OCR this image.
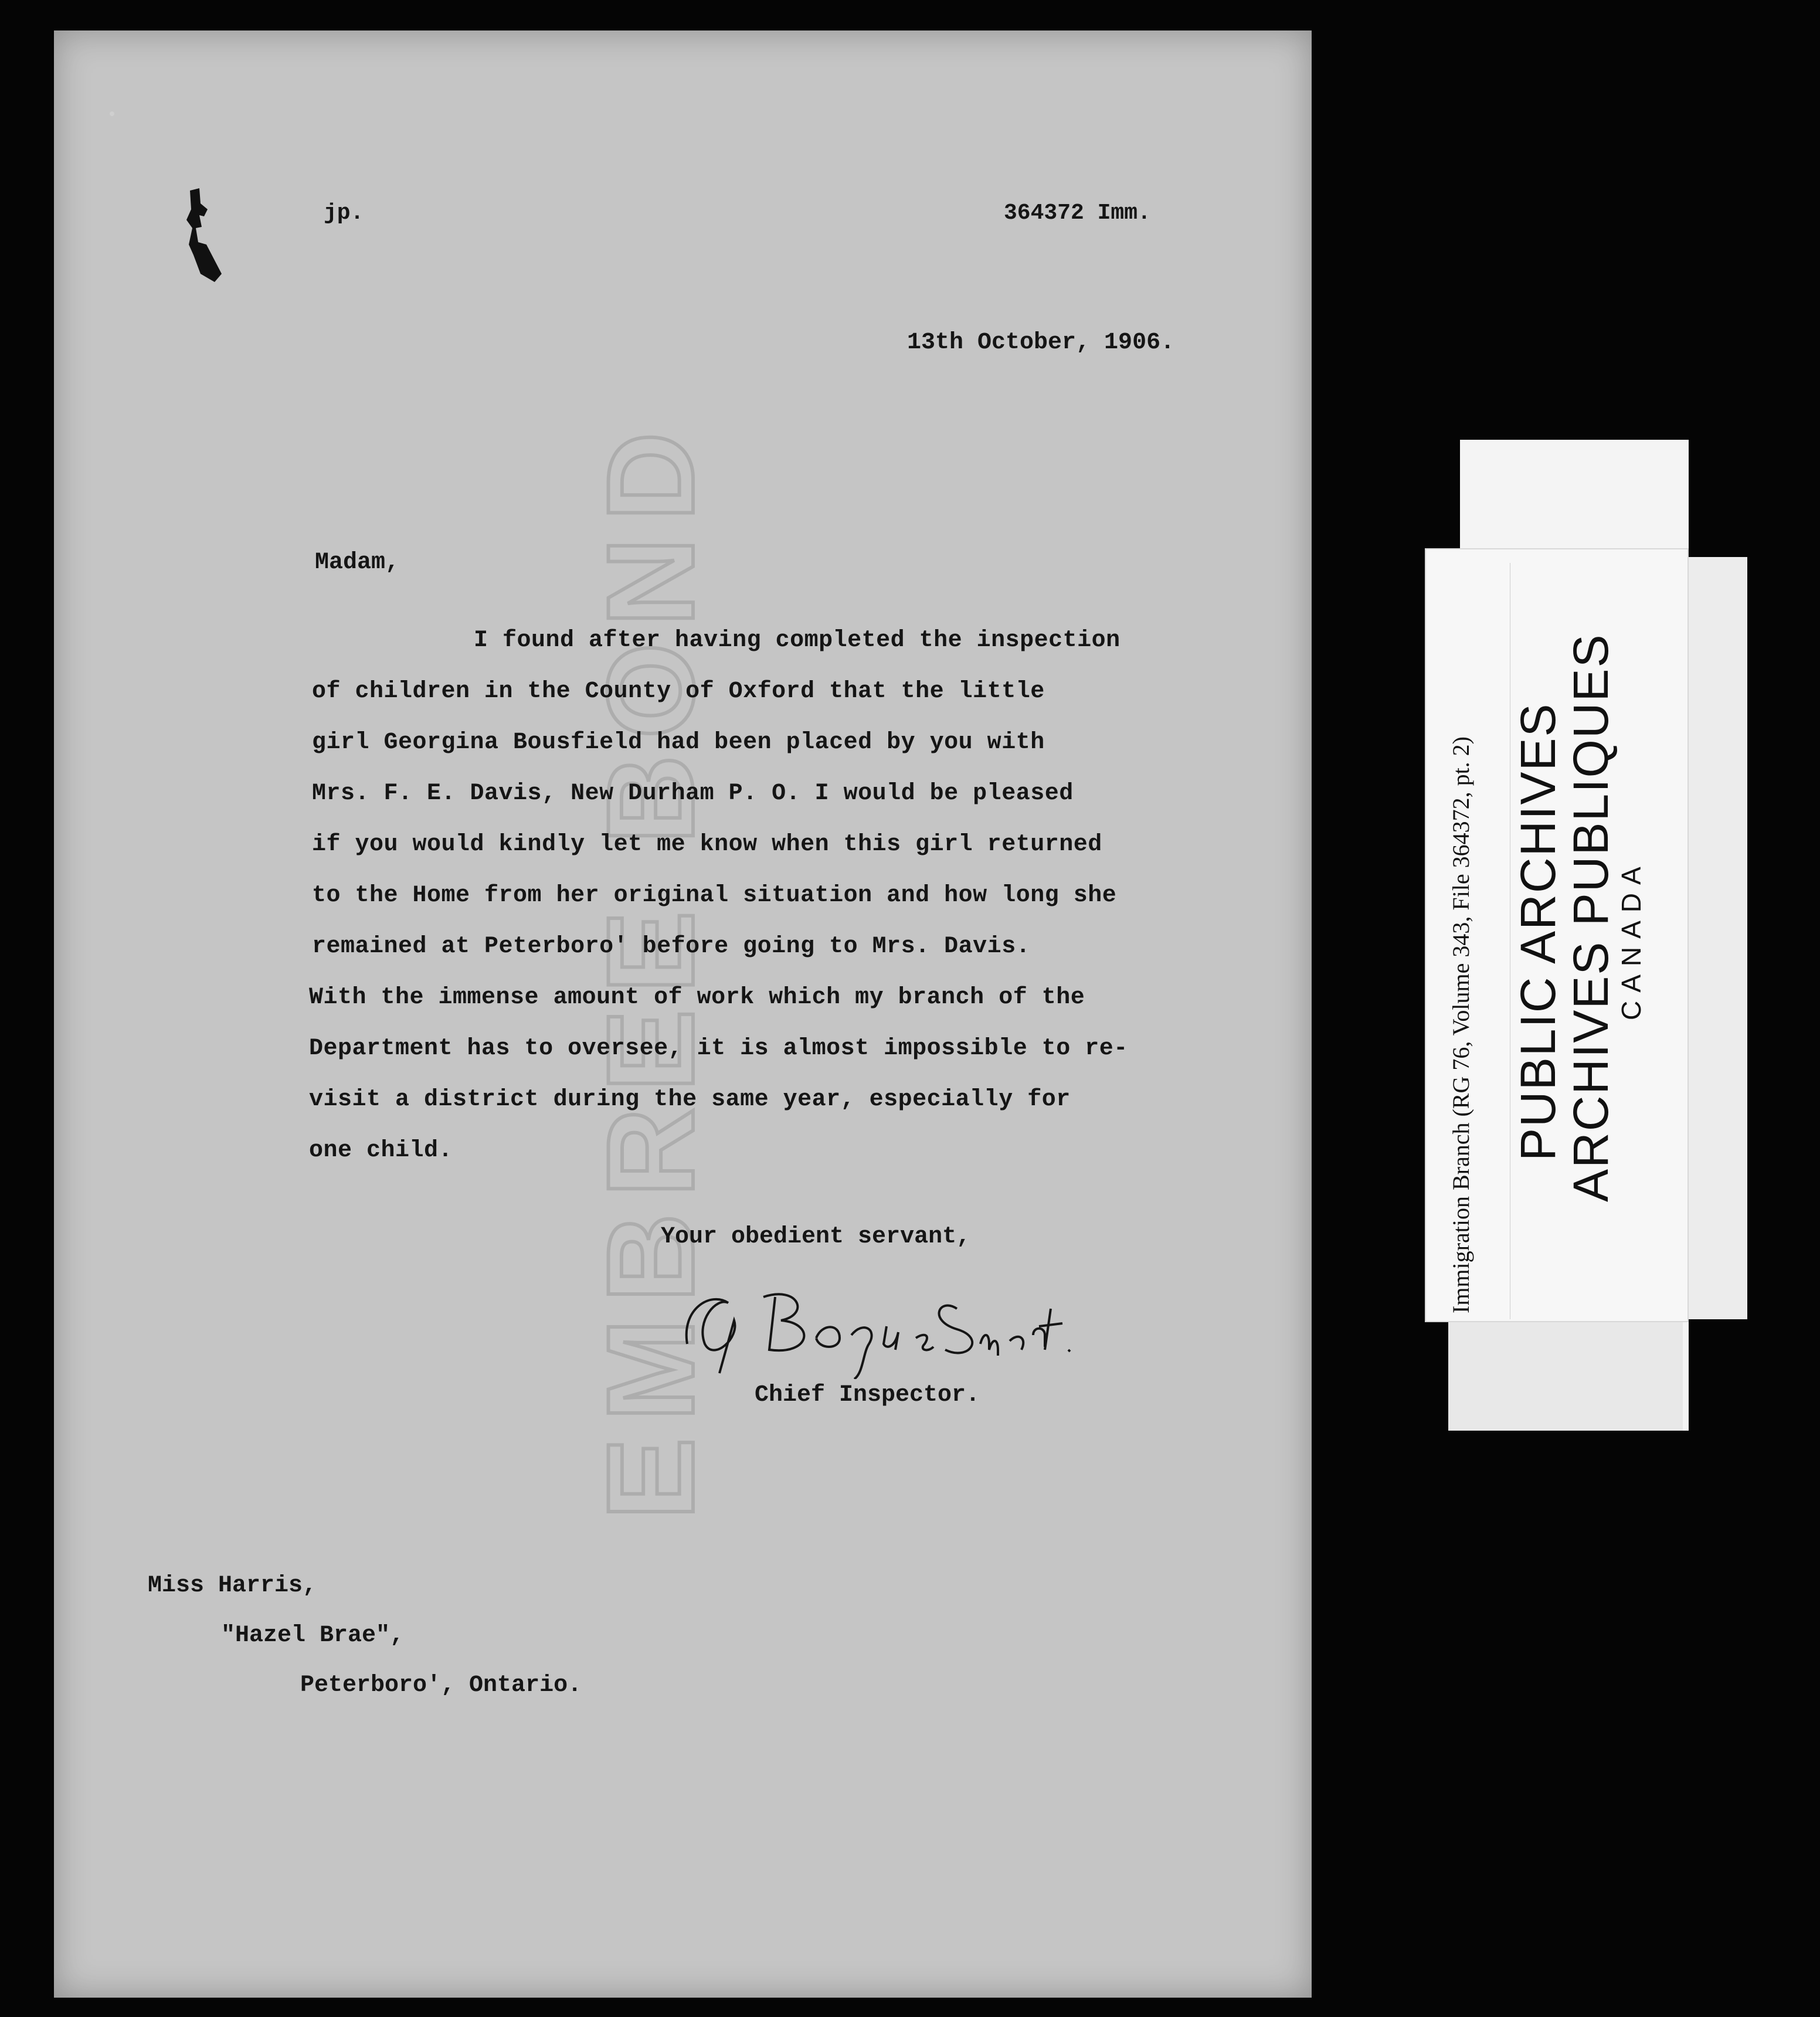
EMBREE BOND
jp.	364372 Imm.
13th October, 1906.
Madam,
I found after having completed the inspection
of children in the County of Oxford that the little
girl Georgina Bousfield had been placed by you with
Mrs. F. E. Davis, New Durham P. O. I would be pleased
if you would kindly let me know when this girl returned
to the Home from her original situation and how long she
remained at Peterboro' before going to Mrs. Davis.
With the immense amount of work which my branch of the
Department has to oversee, it is almost impossible to re-
visit a district during the same year, especially for
one child.
Your obedient servant,
Chief Inspector.
Miss Harris,
"Hazel Brae",
Peterboro', Ontario.
Immigration Branch (RG 76, Volume 343, File 364372, pt. 2) PUBLIC ARCHIVES
ARCHIVES PUBLIQUES
CANADA
